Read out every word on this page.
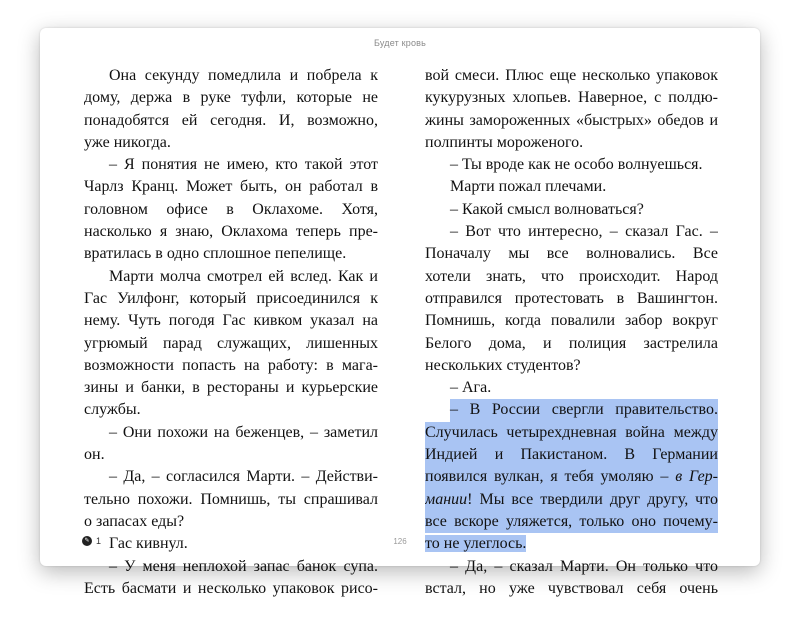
Будет кровь
Она секунду помедлила и побрела к
дому, держа в руке туфли, которые не
понадобятся ей сегодня. И, возможно,
уже никогда.
– Я понятия не имею, кто такой этот
Чарлз Кранц. Может быть, он работал в
головном офисе в Оклахоме. Хотя,
насколько я знаю, Оклахома теперь пре-
вратилась в одно сплошное пепелище.
Марти молча смотрел ей вслед. Как и
Гас Уилфонг, который присоединился к
нему. Чуть погодя Гас кивком указал на
угрюмый парад служащих, лишенных
возможности попасть на работу: в мага-
зины и банки, в рестораны и курьерские
службы.
– Они похожи на беженцев, – заметил
он.
– Да, – согласился Марти. – Действи-
тельно похожи. Помнишь, ты спрашивал
о запасах еды?
Гас кивнул.
– У меня неплохой запас банок супа.
Есть басмати и несколько упаковок рисо-
вой смеси. Плюс еще несколько упаковок
кукурузных хлопьев. Наверное, с полдю-
жины замороженных «быстрых» обедов и
полпинты мороженого.
– Ты вроде как не особо волнуешься.
Марти пожал плечами.
– Какой смысл волноваться?
– Вот что интересно, – сказал Гас. –
Поначалу мы все волновались. Все
хотели знать, что происходит. Народ
отправился протестовать в Вашингтон.
Помнишь, когда повалили забор вокруг
Белого дома, и полиция застрелила
нескольких студентов?
– Ага.
– В России свергли правительство.
Случилась четырехдневная война между
Индией и Пакистаном. В Германии
появился вулкан, я тебя умоляю – в Гер-
мании! Мы все твердили друг другу, что
все вскоре уляжется, только оно почему-
то не улеглось.
– Да, – сказал Марти. Он только что
встал, но уже чувствовал себя очень
✎ 1	126
